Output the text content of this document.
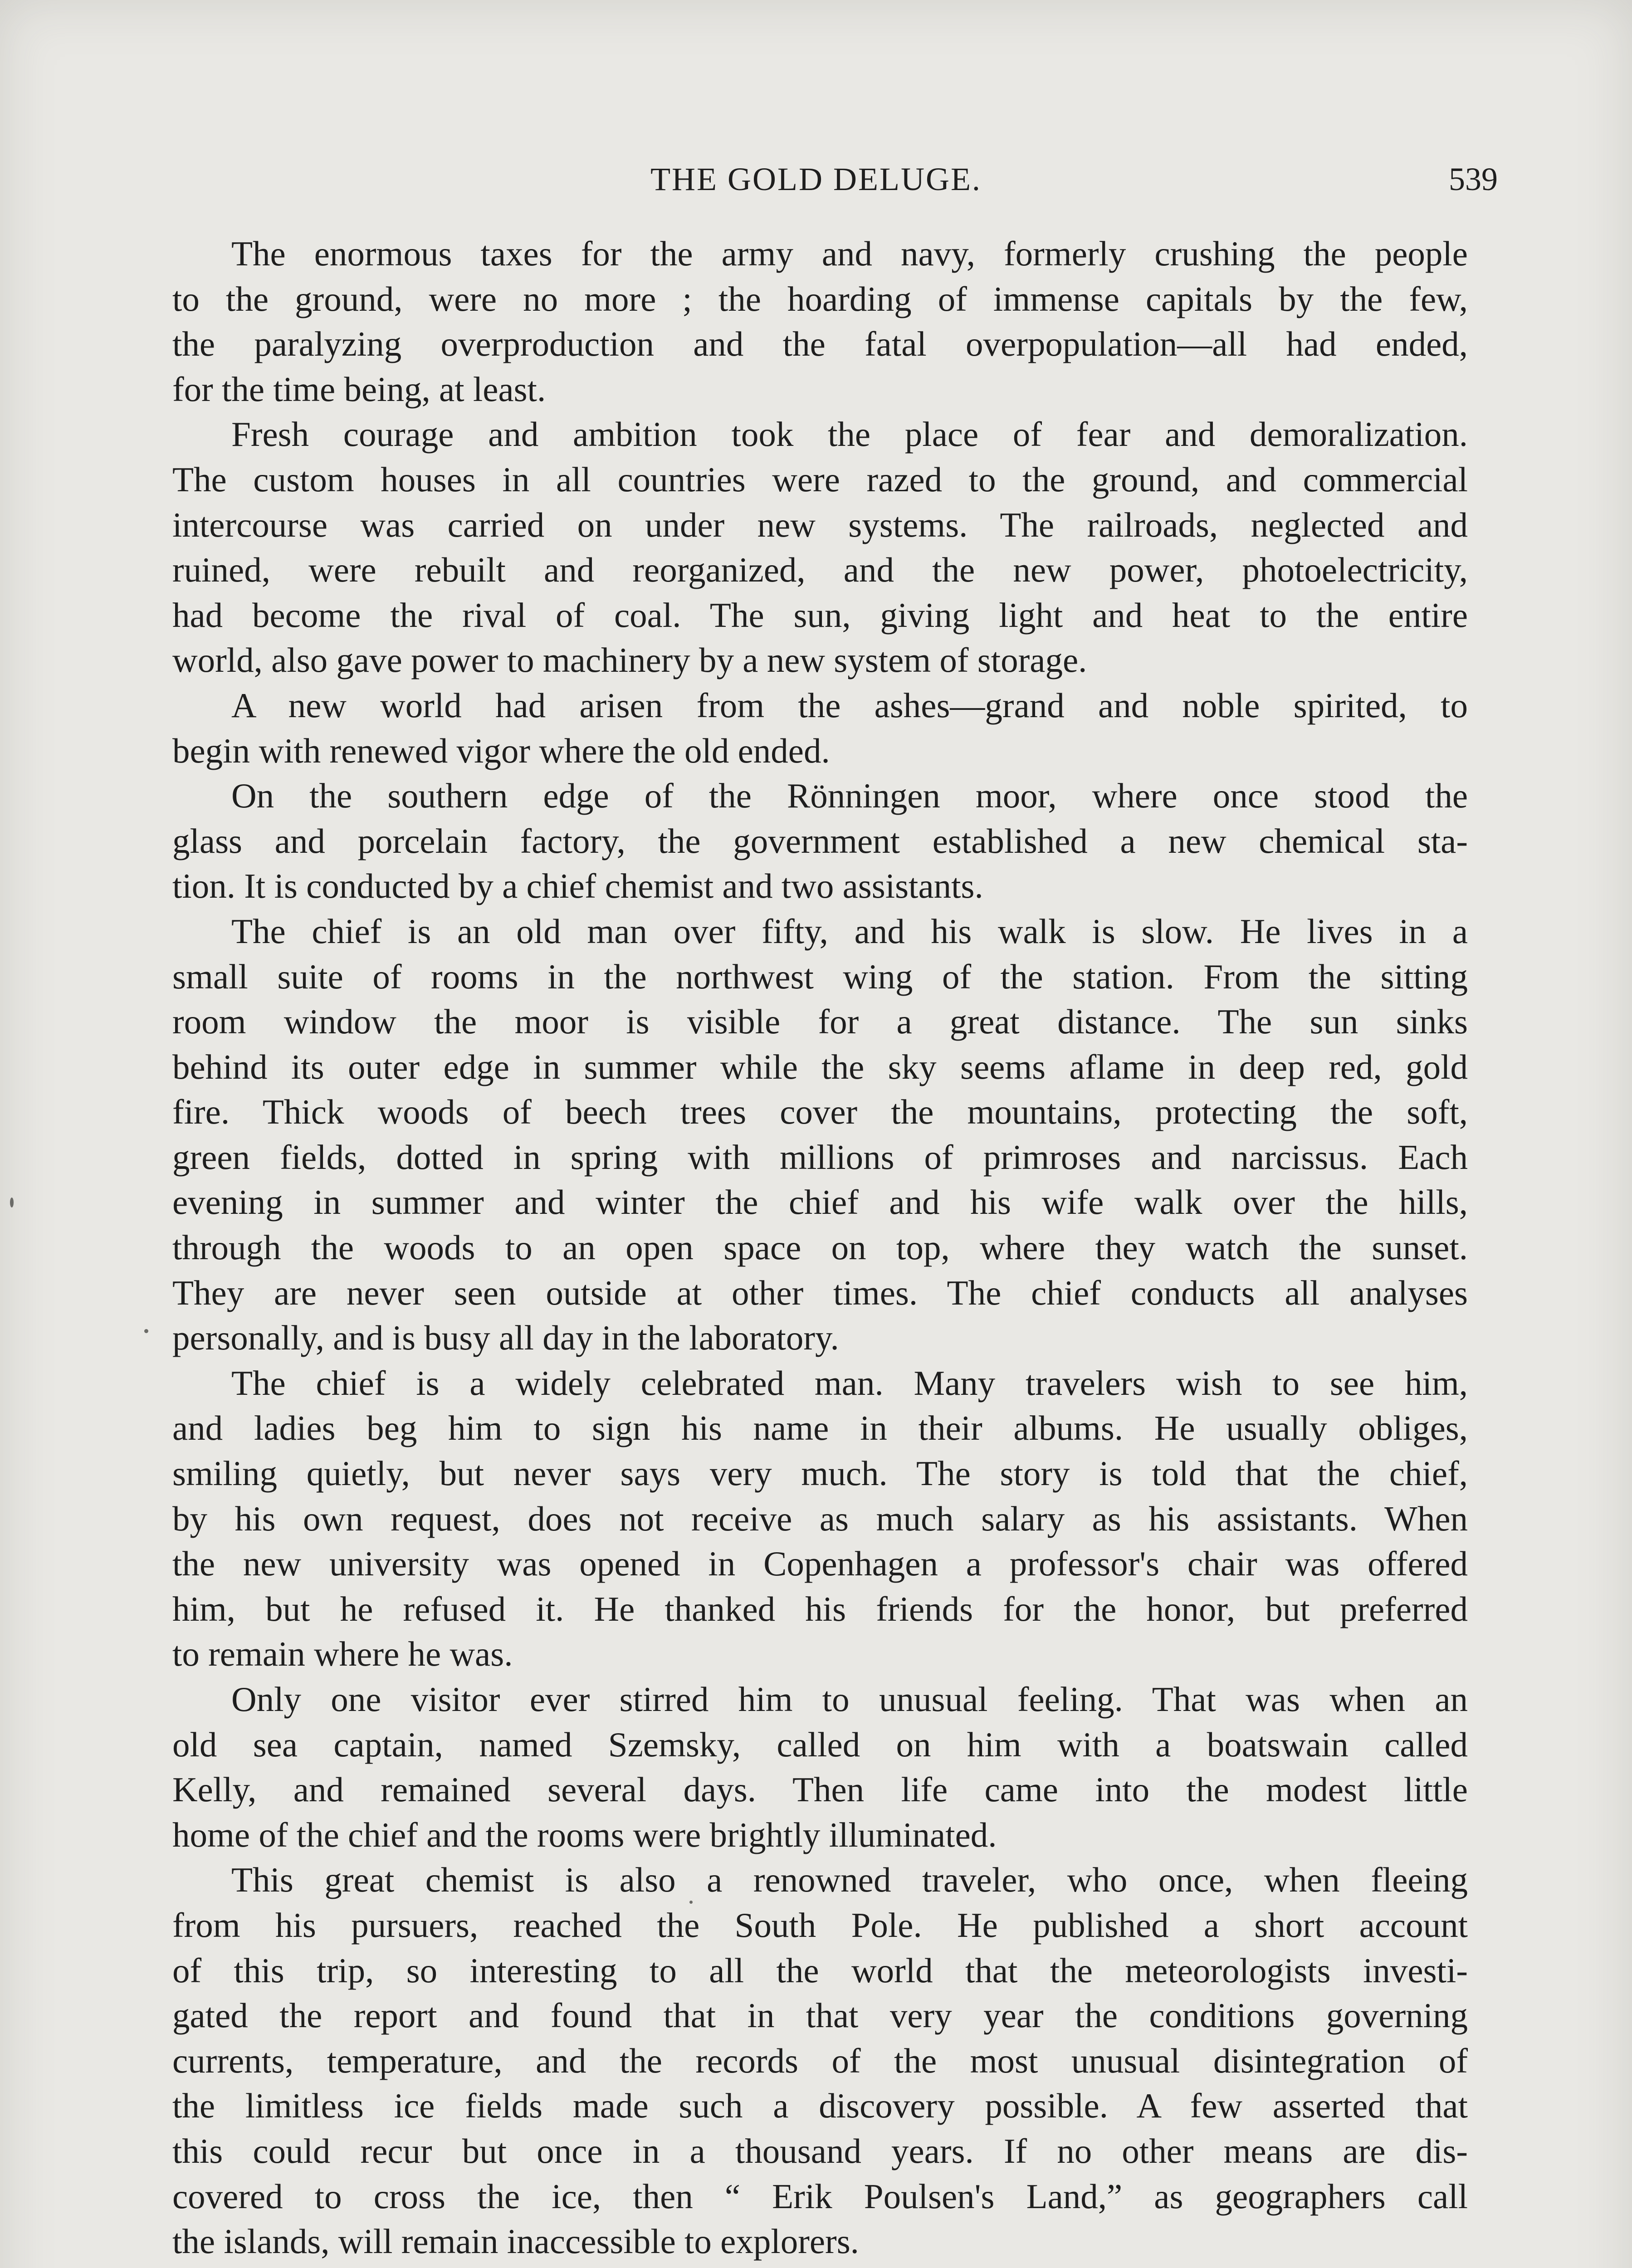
THE GOLD DELUGE.	539
The enormous taxes for the army and navy, formerly crushing the people
to the ground, were no more ; the hoarding of immense capitals by the few,
the paralyzing overproduction and the fatal overpopulation—all had ended,
for the time being, at least.
Fresh courage and ambition took the place of fear and demoralization.
The custom houses in all countries were razed to the ground, and commercial
intercourse was carried on under new systems. The railroads, neglected and
ruined, were rebuilt and reorganized, and the new power, photoelectricity,
had become the rival of coal. The sun, giving light and heat to the entire
world, also gave power to machinery by a new system of storage.
A new world had arisen from the ashes—grand and noble spirited, to
begin with renewed vigor where the old ended.
On the southern edge of the Rönningen moor, where once stood the
glass and porcelain factory, the government established a new chemical sta-
tion. It is conducted by a chief chemist and two assistants.
The chief is an old man over fifty, and his walk is slow. He lives in a
small suite of rooms in the northwest wing of the station. From the sitting
room window the moor is visible for a great distance. The sun sinks
behind its outer edge in summer while the sky seems aflame in deep red, gold
fire. Thick woods of beech trees cover the mountains, protecting the soft,
green fields, dotted in spring with millions of primroses and narcissus. Each
evening in summer and winter the chief and his wife walk over the hills,
through the woods to an open space on top, where they watch the sunset.
They are never seen outside at other times. The chief conducts all analyses
personally, and is busy all day in the laboratory.
The chief is a widely celebrated man. Many travelers wish to see him,
and ladies beg him to sign his name in their albums. He usually obliges,
smiling quietly, but never says very much. The story is told that the chief,
by his own request, does not receive as much salary as his assistants. When
the new university was opened in Copenhagen a professor's chair was offered
him, but he refused it. He thanked his friends for the honor, but preferred
to remain where he was.
Only one visitor ever stirred him to unusual feeling. That was when an
old sea captain, named Szemsky, called on him with a boatswain called
Kelly, and remained several days. Then life came into the modest little
home of the chief and the rooms were brightly illuminated.
This great chemist is also a renowned traveler, who once, when fleeing
from his pursuers, reached the South Pole. He published a short account
of this trip, so interesting to all the world that the meteorologists investi-
gated the report and found that in that very year the conditions governing
currents, temperature, and the records of the most unusual disintegration of
the limitless ice fields made such a discovery possible. A few asserted that
this could recur but once in a thousand years. If no other means are dis-
covered to cross the ice, then “ Erik Poulsen's Land,” as geographers call
the islands, will remain inaccessible to explorers.
